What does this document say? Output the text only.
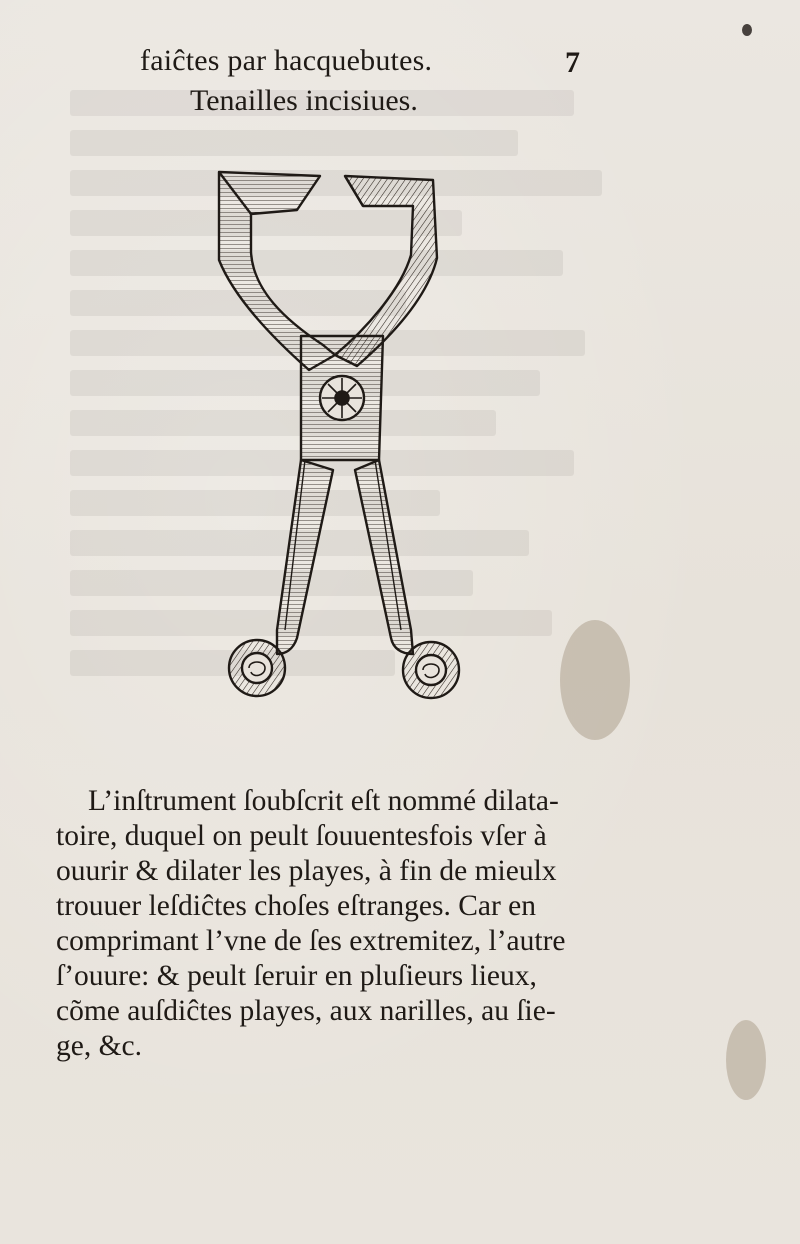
faiĉtes par hacquebutes.	7
Tenailles incisiues.
L’inſtrument ſoubſcrit eſt nommé dilata-
toire, duquel on peult ſouuentesfois vſer à
ouurir & dilater les playes, à fin de mieulx
trouuer leſdiĉtes choſes eſtranges. Car en
comprimant l’vne de ſes extremitez, l’autre
ſ’ouure: & peult ſeruir en pluſieurs lieux,
cõme auſdiĉtes playes, aux narilles, au ſie-
ge, &c.
